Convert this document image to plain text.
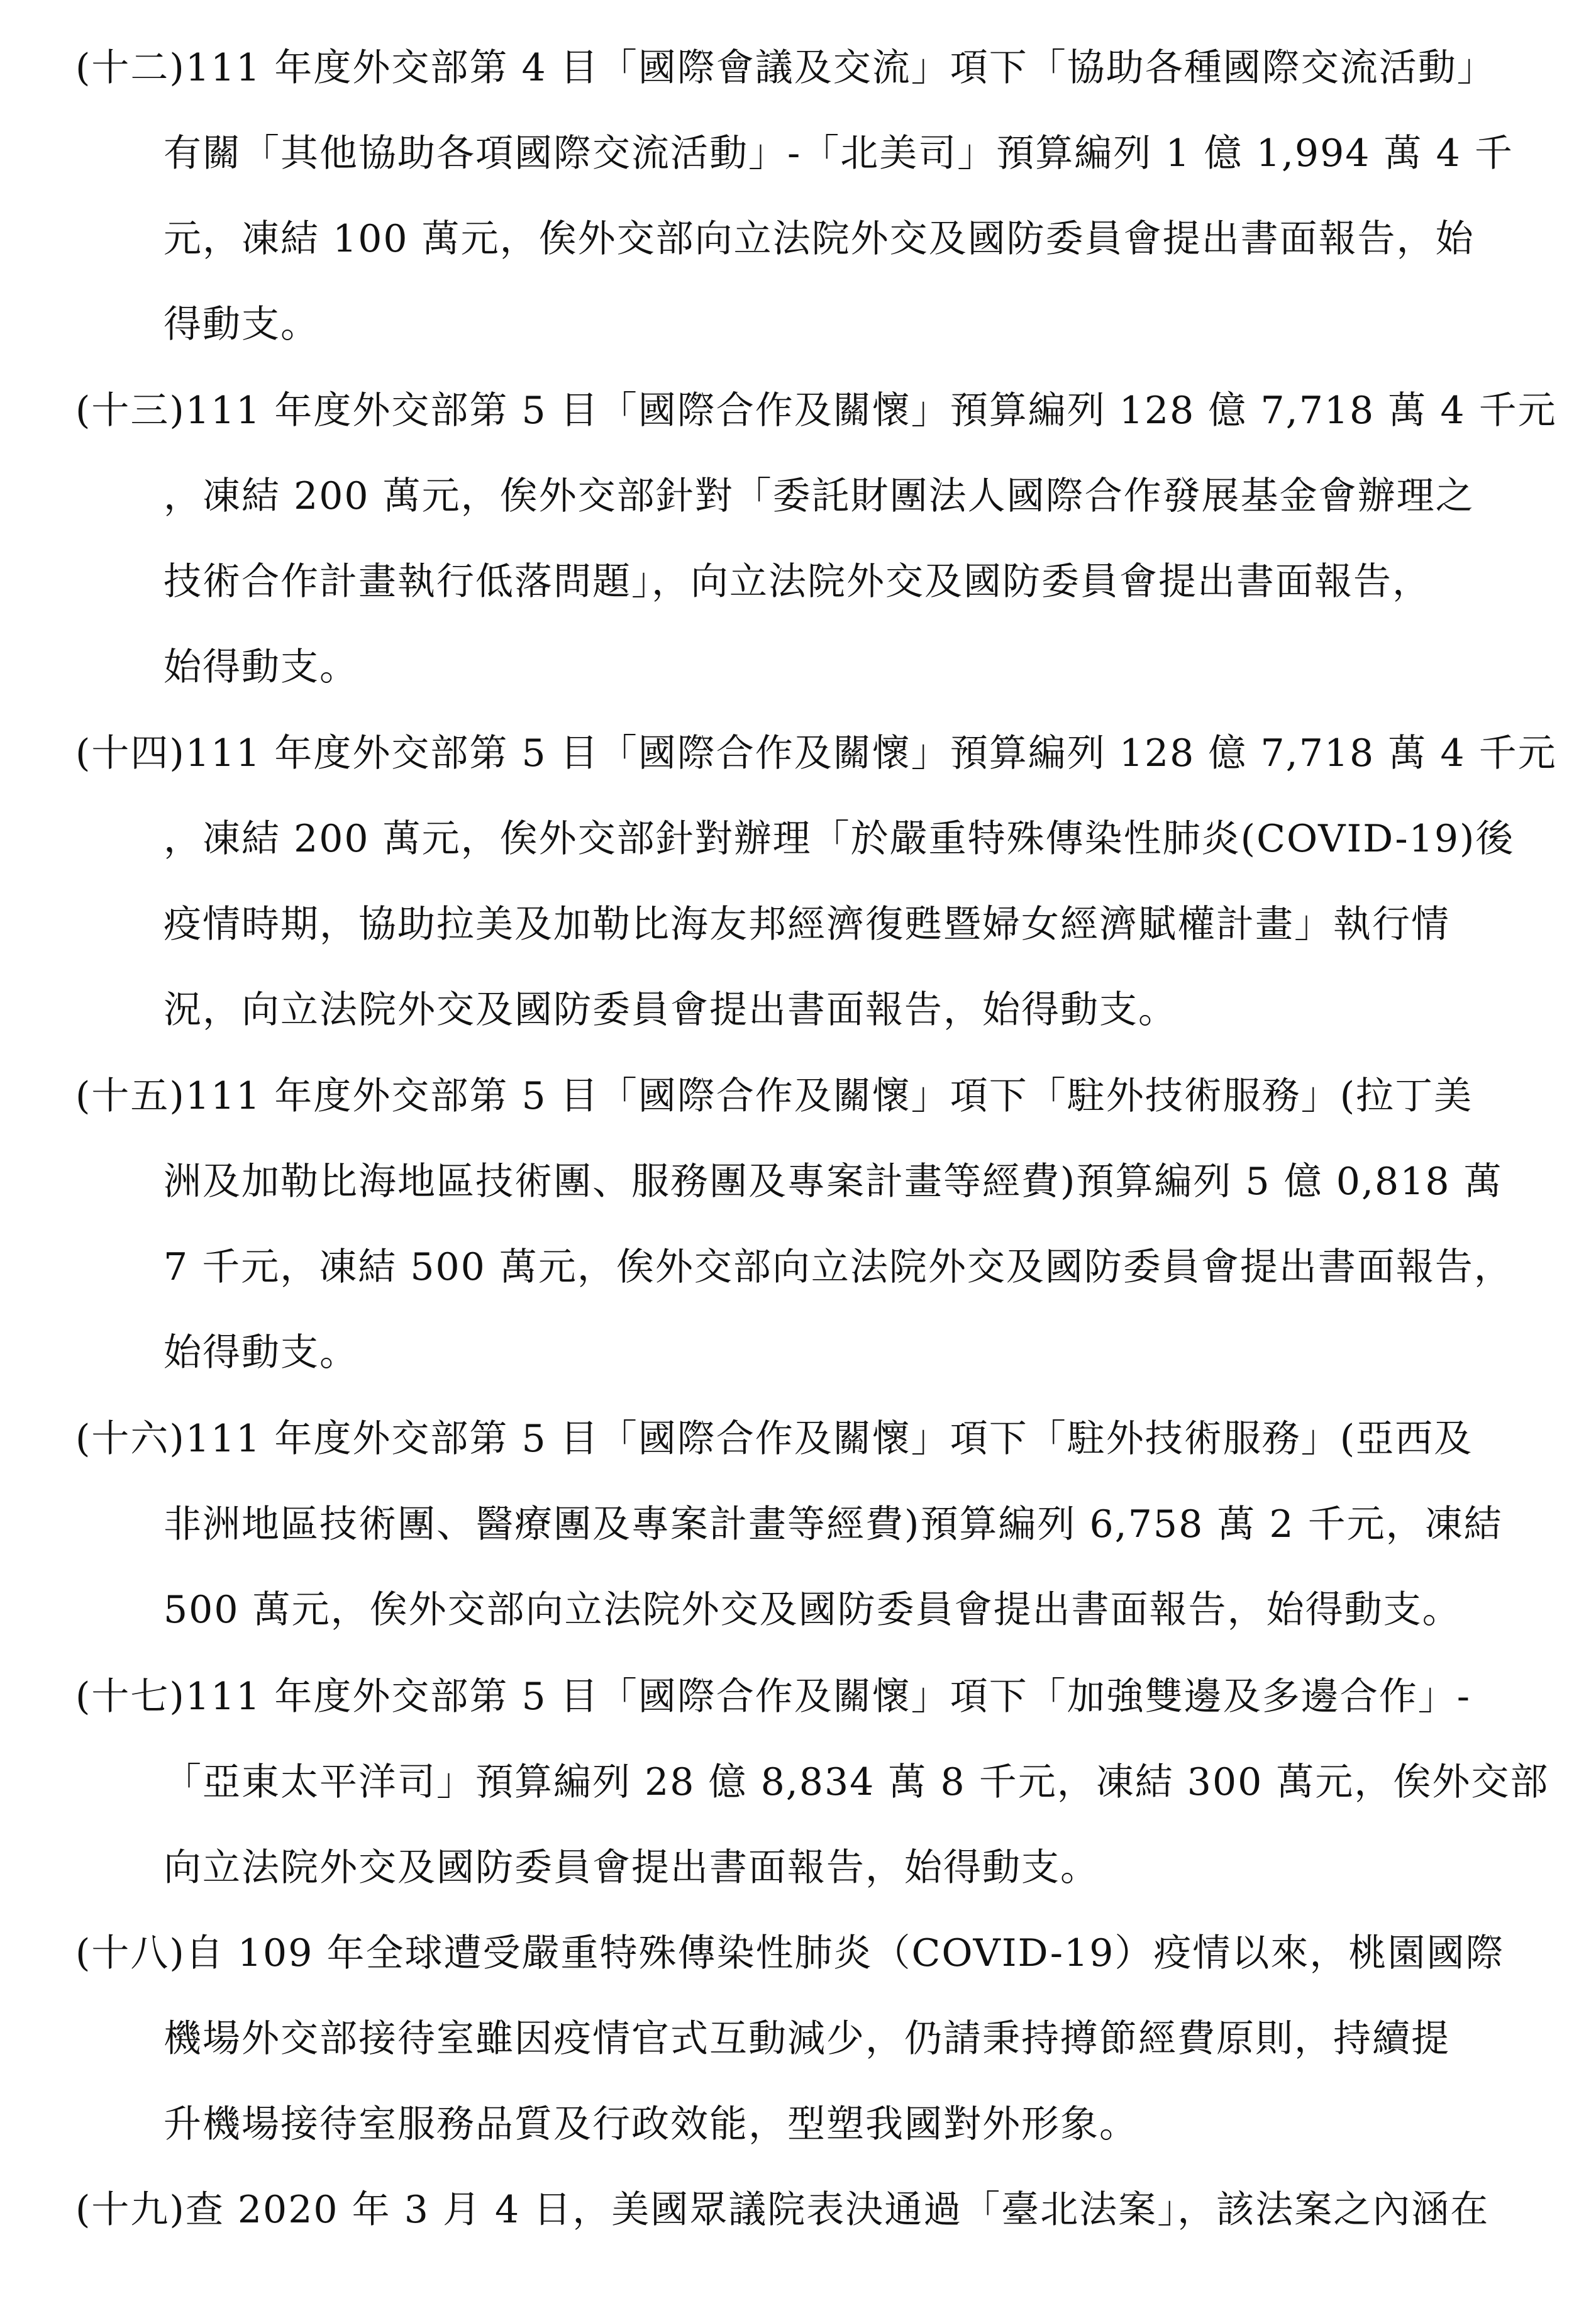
(十二)111 年度外交部第 4 目「國際會議及交流」項下「協助各種國際交流活動」
有關「其他協助各項國際交流活動」-「北美司」預算編列 1 億 1,994 萬 4 千
元，凍結 100 萬元，俟外交部向立法院外交及國防委員會提出書面報告，始
得動支。
(十三)111 年度外交部第 5 目「國際合作及關懷」預算編列 128 億 7,718 萬 4 千元
，凍結 200 萬元，俟外交部針對「委託財團法人國際合作發展基金會辦理之
技術合作計畫執行低落問題」，向立法院外交及國防委員會提出書面報告，
始得動支。
(十四)111 年度外交部第 5 目「國際合作及關懷」預算編列 128 億 7,718 萬 4 千元
，凍結 200 萬元，俟外交部針對辦理「於嚴重特殊傳染性肺炎(COVID-19)後
疫情時期，協助拉美及加勒比海友邦經濟復甦暨婦女經濟賦權計畫」執行情
況，向立法院外交及國防委員會提出書面報告，始得動支。
(十五)111 年度外交部第 5 目「國際合作及關懷」項下「駐外技術服務」(拉丁美
洲及加勒比海地區技術團、服務團及專案計畫等經費)預算編列 5 億 0,818 萬
7 千元，凍結 500 萬元，俟外交部向立法院外交及國防委員會提出書面報告，
始得動支。
(十六)111 年度外交部第 5 目「國際合作及關懷」項下「駐外技術服務」(亞西及
非洲地區技術團、醫療團及專案計畫等經費)預算編列 6,758 萬 2 千元，凍結
500 萬元，俟外交部向立法院外交及國防委員會提出書面報告，始得動支。
(十七)111 年度外交部第 5 目「國際合作及關懷」項下「加強雙邊及多邊合作」-
「亞東太平洋司」預算編列 28 億 8,834 萬 8 千元，凍結 300 萬元，俟外交部
向立法院外交及國防委員會提出書面報告，始得動支。
(十八)自 109 年全球遭受嚴重特殊傳染性肺炎（COVID-19）疫情以來，桃園國際
機場外交部接待室雖因疫情官式互動減少，仍請秉持撙節經費原則，持續提
升機場接待室服務品質及行政效能，型塑我國對外形象。
(十九)查 2020 年 3 月 4 日，美國眾議院表決通過「臺北法案」，該法案之內涵在
